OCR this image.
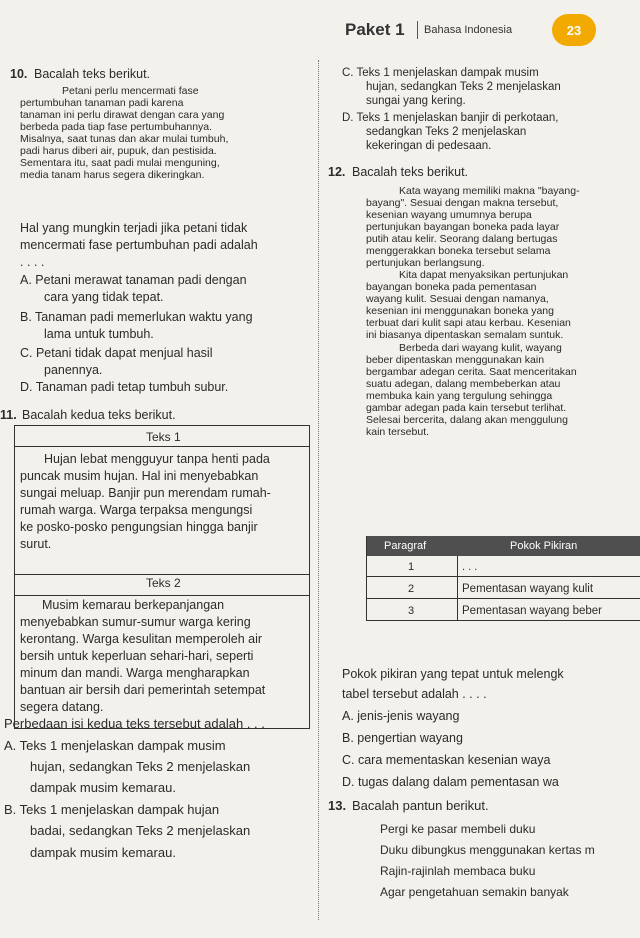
Paket 1 Bahasa Indonesia	23
10. Bacalah teks berikut.
Petani perlu mencermati fase
pertumbuhan tanaman padi karena
tanaman ini perlu dirawat dengan cara yang
berbeda pada tiap fase pertumbuhannya.
Misalnya, saat tunas dan akar mulai tumbuh,
padi harus diberi air, pupuk, dan pestisida.
Sementara itu, saat padi mulai menguning,
media tanam harus segera dikeringkan.
Hal yang mungkin terjadi jika petani tidak
mencermati fase pertumbuhan padi adalah
. . . .
A. Petani merawat tanaman padi dengan
cara yang tidak tepat.
B. Tanaman padi memerlukan waktu yang
lama untuk tumbuh.
C. Petani tidak dapat menjual hasil
panennya.
D. Tanaman padi tetap tumbuh subur.
11. Bacalah kedua teks berikut.
Teks 1
Hujan lebat mengguyur tanpa henti pada
puncak musim hujan. Hal ini menyebabkan
sungai meluap. Banjir pun merendam rumah-
rumah warga. Warga terpaksa mengungsi
ke posko-posko pengungsian hingga banjir
surut.
Teks 2
Musim kemarau berkepanjangan
menyebabkan sumur-sumur warga kering
kerontang. Warga kesulitan memperoleh air
bersih untuk keperluan sehari-hari, seperti
minum dan mandi. Warga mengharapkan
bantuan air bersih dari pemerintah setempat
segera datang.
Perbedaan isi kedua teks tersebut adalah . . .
A. Teks 1 menjelaskan dampak musim
hujan, sedangkan Teks 2 menjelaskan
dampak musim kemarau.
B. Teks 1 menjelaskan dampak hujan
badai, sedangkan Teks 2 menjelaskan
dampak musim kemarau.
C. Teks 1 menjelaskan dampak musim
hujan, sedangkan Teks 2 menjelaskan
sungai yang kering.
D. Teks 1 menjelaskan banjir di perkotaan,
sedangkan Teks 2 menjelaskan
kekeringan di pedesaan.
12. Bacalah teks berikut.
Kata wayang memiliki makna "bayang-
bayang". Sesuai dengan makna tersebut,
kesenian wayang umumnya berupa
pertunjukan bayangan boneka pada layar
putih atau kelir. Seorang dalang bertugas
menggerakkan boneka tersebut selama
pertunjukan berlangsung.
Kita dapat menyaksikan pertunjukan
bayangan boneka pada pementasan
wayang kulit. Sesuai dengan namanya,
kesenian ini menggunakan boneka yang
terbuat dari kulit sapi atau kerbau. Kesenian
ini biasanya dipentaskan semalam suntuk.
Berbeda dari wayang kulit, wayang
beber dipentaskan menggunakan kain
bergambar adegan cerita. Saat menceritakan
suatu adegan, dalang membeberkan atau
membuka kain yang tergulung sehingga
gambar adegan pada kain tersebut terlihat.
Selesai bercerita, dalang akan menggulung
kain tersebut.
Paragraf	Pokok Pikiran
1	. . .
2	Pementasan wayang kulit
3	Pementasan wayang beber
Pokok pikiran yang tepat untuk melengk
tabel tersebut adalah . . . .
A. jenis-jenis wayang
B. pengertian wayang
C. cara mementaskan kesenian waya
D. tugas dalang dalam pementasan wa
13. Bacalah pantun berikut.
Pergi ke pasar membeli duku
Duku dibungkus menggunakan kertas m
Rajin-rajinlah membaca buku
Agar pengetahuan semakin banyak
